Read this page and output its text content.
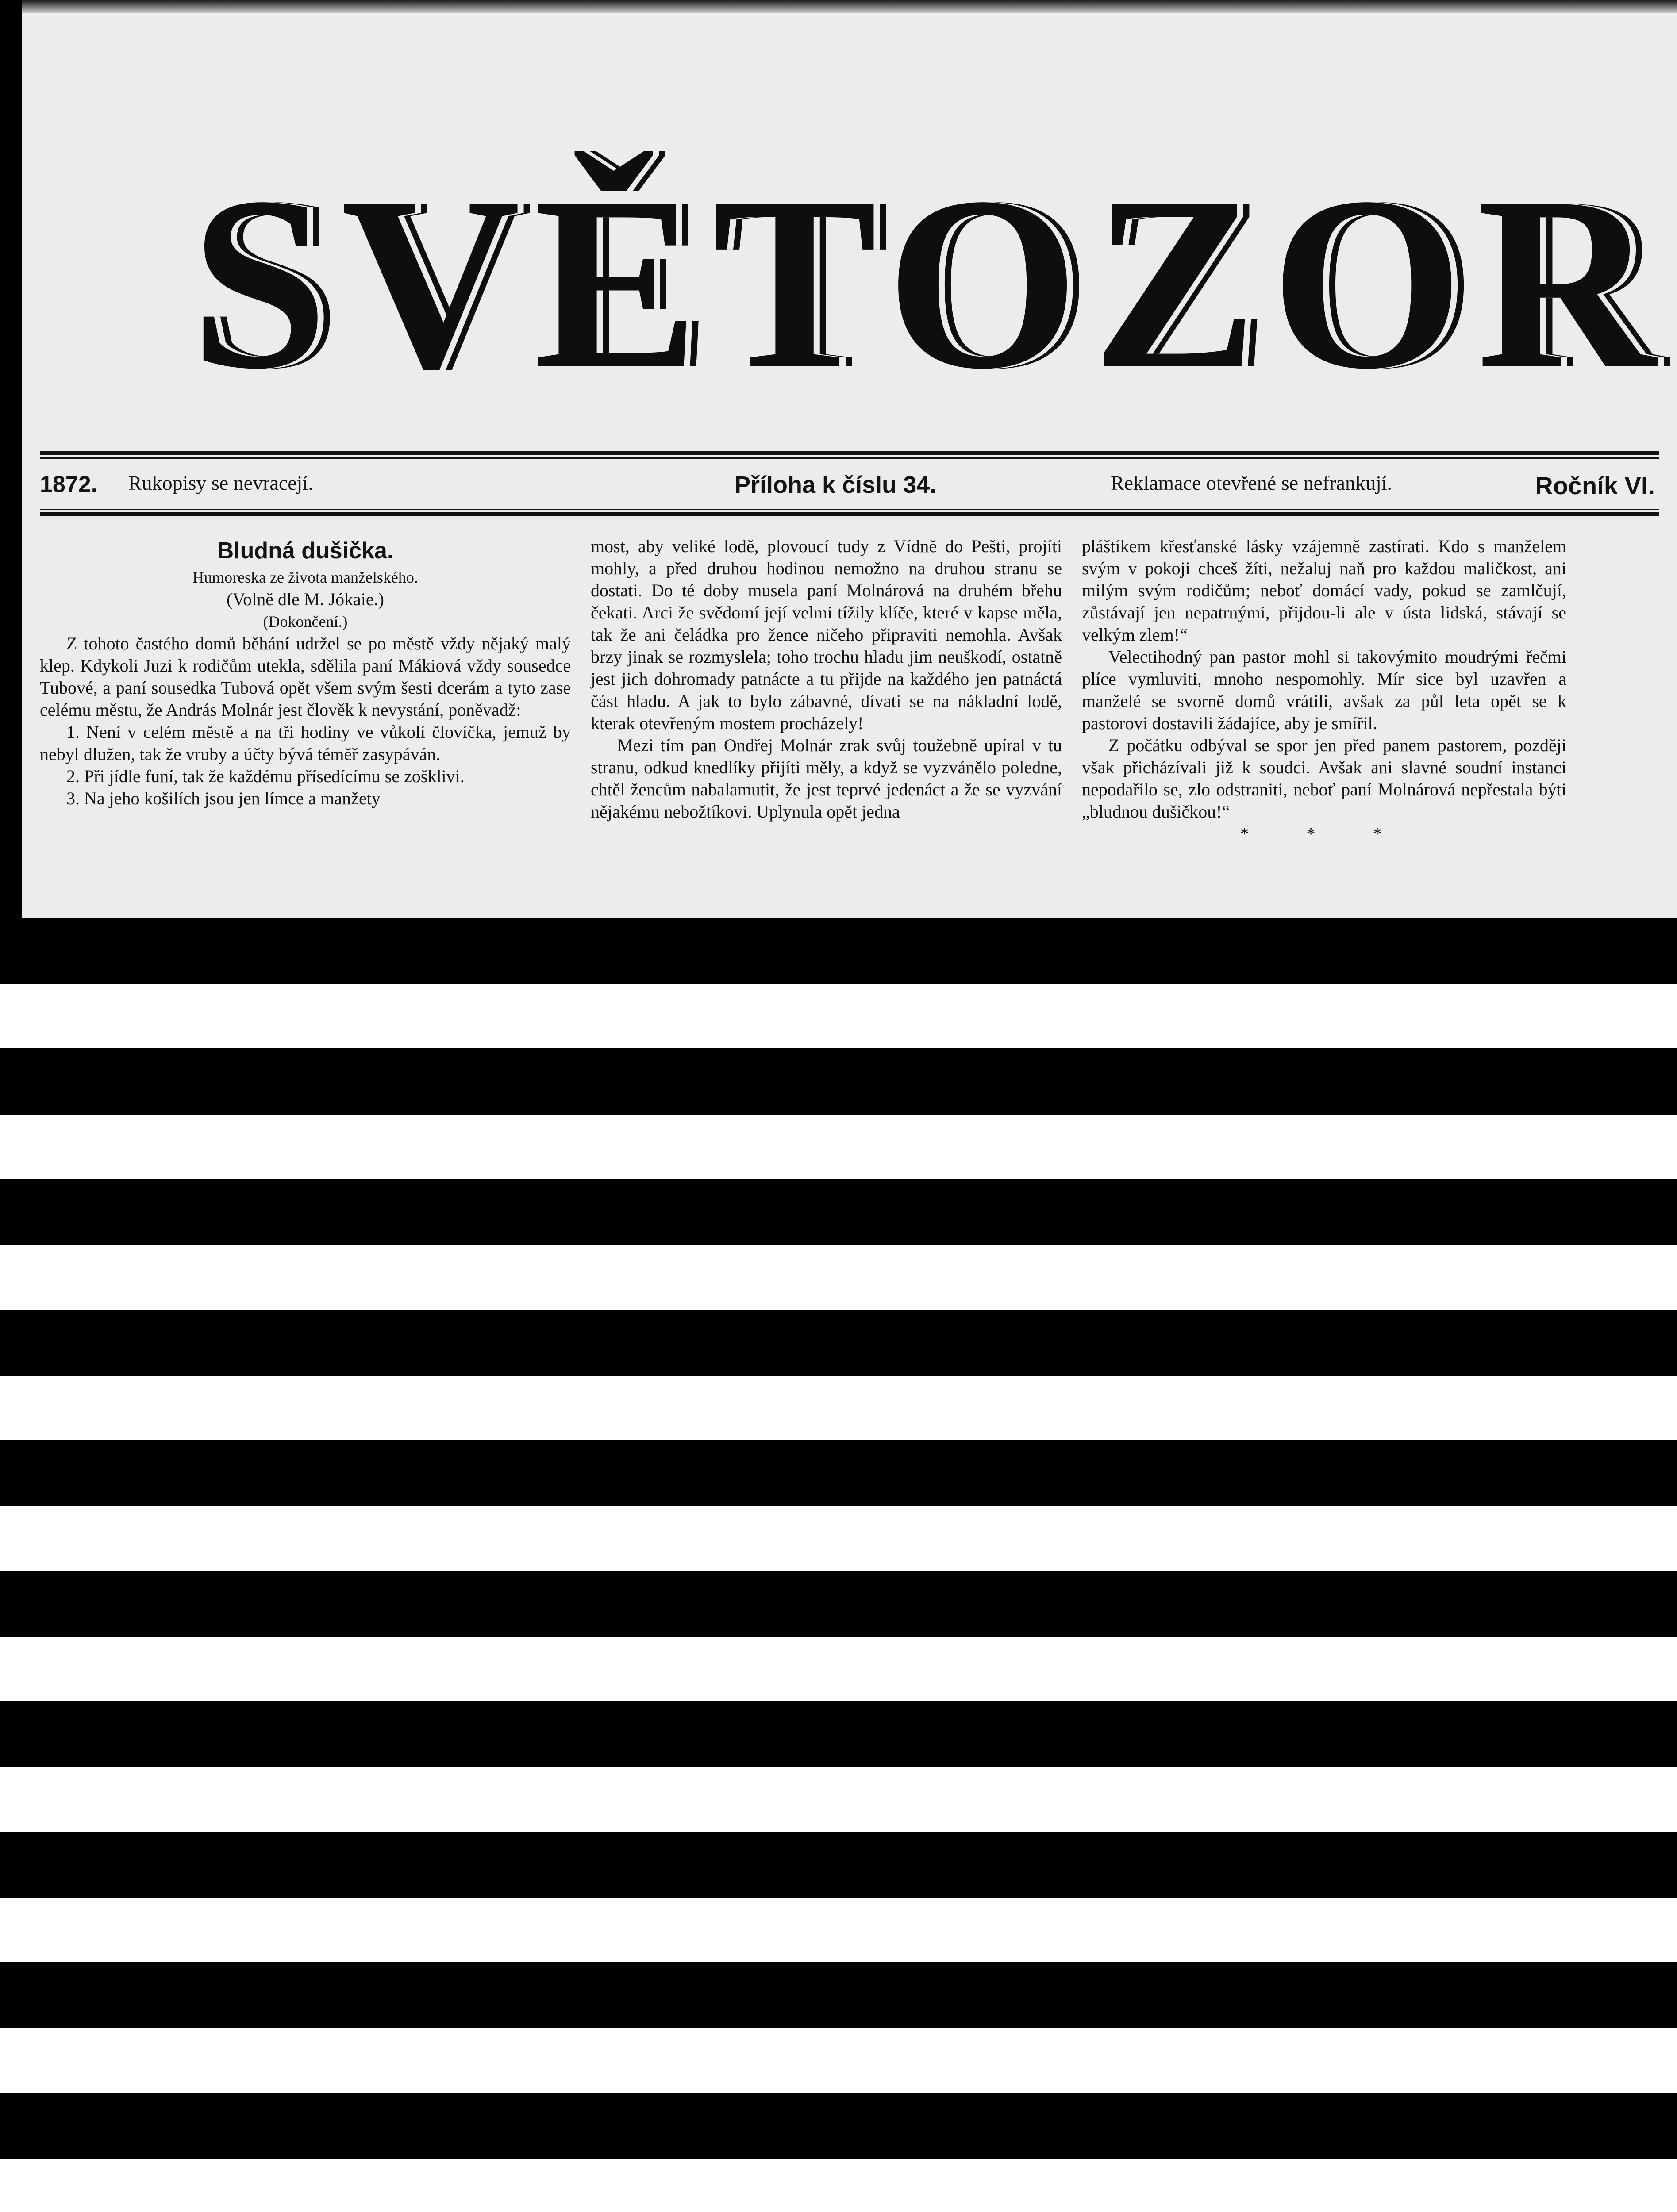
SVĚTOZOR
1872. Rukopisy se nevracejí.	Příloha k číslu 34.	Reklamace otevřené se nefrankují.	Ročník VI.
Bludná dušička.

Humoreska ze života manželského.

(Volně dle M. Jókaie.)

(Dokončení.)

Z tohoto častého domů běhání udržel se po městě vždy nějaký malý klep. Kdykoli Juzi k rodičům utekla, sdělila paní Mákiová vždy sousedce Tubové, a paní sousedka Tubová opět všem svým šesti dcerám a tyto zase celému městu, že András Molnár jest člověk k nevystání, poněvadž:

1. Není v celém městě a na tři hodiny ve vůkolí človíčka, jemuž by nebyl dlužen, tak že vruby a účty bývá téměř zasypáván.

2. Při jídle funí, tak že každému přísedícímu se zošklivi.

3. Na jeho košilích jsou jen límce a manžety

most, aby veliké lodě, plovoucí tudy z Vídně do Pešti, projíti mohly, a před druhou hodinou nemožno na druhou stranu se dostati. Do té doby musela paní Molnárová na druhém břehu čekati. Arci že svědomí její velmi tížily klíče, které v kapse měla, tak že ani čeládka pro žence ničeho připraviti nemohla. Avšak brzy jinak se rozmyslela; toho trochu hladu jim neuškodí, ostatně jest jich dohromady patnácte a tu přijde na každého jen patnáctá část hladu. A jak to bylo zábavné, dívati se na nákladní lodě, kterak otevřeným mostem procházely!

Mezi tím pan Ondřej Molnár zrak svůj toužebně upíral v tu stranu, odkud knedlíky přijíti měly, a když se vyzvánělo poledne, chtěl žencům nabalamutit, že jest teprvé jedenáct a že se vyzvání nějakému nebožtíkovi. Uplynula opět jedna

pláštíkem křesťanské lásky vzájemně zastírati. Kdo s manželem svým v pokoji chceš žíti, nežaluj naň pro každou maličkost, ani milým svým rodičům; neboť domácí vady, pokud se zamlčují, zůstávají jen nepatrnými, přijdou-li ale v ústa lidská, stávají se velkým zlem!“

Velectihodný pan pastor mohl si takovýmito moudrými řečmi plíce vymluviti, mnoho nespomohly. Mír sice byl uzavřen a manželé se svorně domů vrátili, avšak za půl leta opět se k pastorovi dostavili žádajíce, aby je smířil.

Z počátku odbýval se spor jen před panem pastorem, později však přicházívali již k soudci. Avšak ani slavné soudní instanci nepodařilo se, zlo odstraniti, neboť paní Molnárová nepřestala býti „bludnou dušičkou!“

* * *
